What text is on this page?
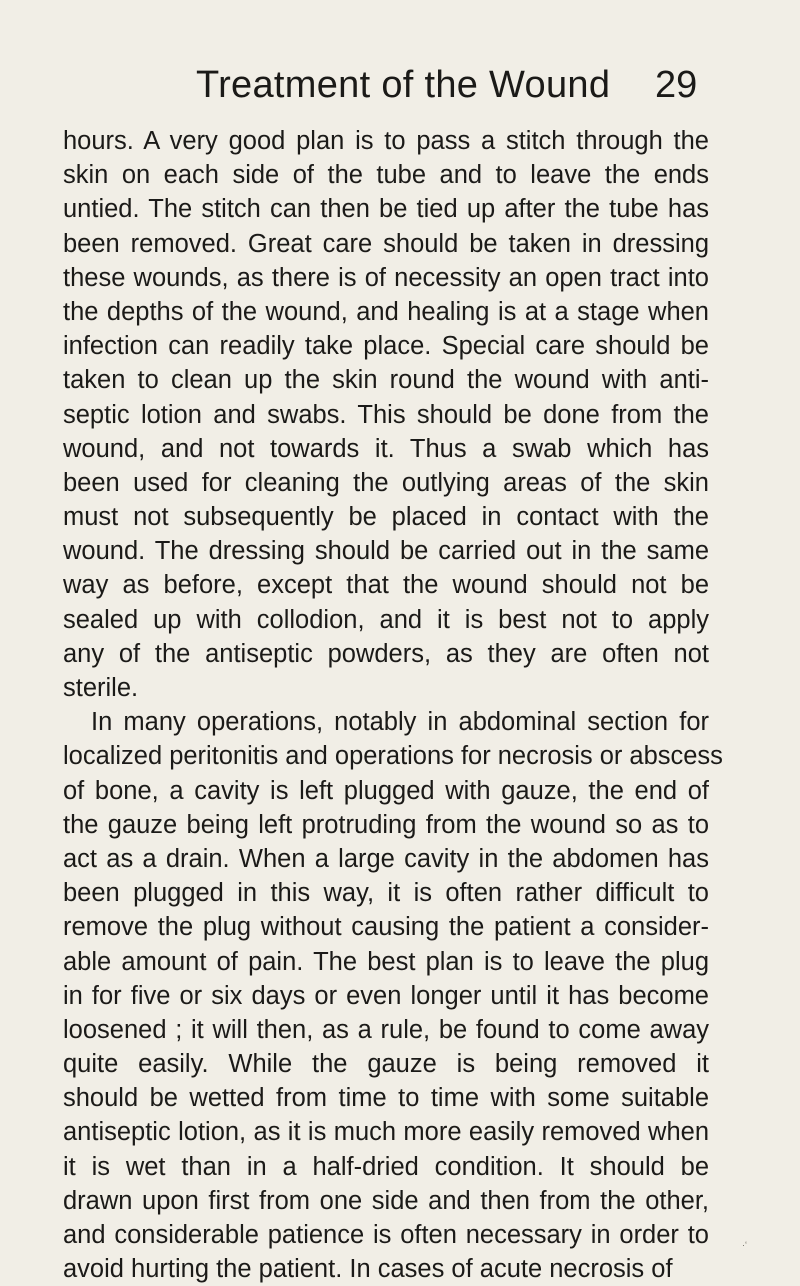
Treatment of the Wound 29
hours. A very good plan is to pass a stitch through the
skin on each side of the tube and to leave the ends
untied. The stitch can then be tied up after the tube has
been removed. Great care should be taken in dressing
these wounds, as there is of necessity an open tract into
the depths of the wound, and healing is at a stage when
infection can readily take place. Special care should be
taken to clean up the skin round the wound with anti-
septic lotion and swabs. This should be done from the
wound, and not towards it. Thus a swab which has
been used for cleaning the outlying areas of the skin
must not subsequently be placed in contact with the
wound. The dressing should be carried out in the same
way as before, except that the wound should not be
sealed up with collodion, and it is best not to apply
any of the antiseptic powders, as they are often not
sterile.
In many operations, notably in abdominal section for
localized peritonitis and operations for necrosis or abscess
of bone, a cavity is left plugged with gauze, the end of
the gauze being left protruding from the wound so as to
act as a drain. When a large cavity in the abdomen has
been plugged in this way, it is often rather difficult to
remove the plug without causing the patient a consider-
able amount of pain. The best plan is to leave the plug
in for five or six days or even longer until it has become
loosened ; it will then, as a rule, be found to come away
quite easily. While the gauze is being removed it
should be wetted from time to time with some suitable
antiseptic lotion, as it is much more easily removed when
it is wet than in a half-dried condition. It should be
drawn upon first from one side and then from the other,
and considerable patience is often necessary in order to
avoid hurting the patient. In cases of acute necrosis of
·ʻ
